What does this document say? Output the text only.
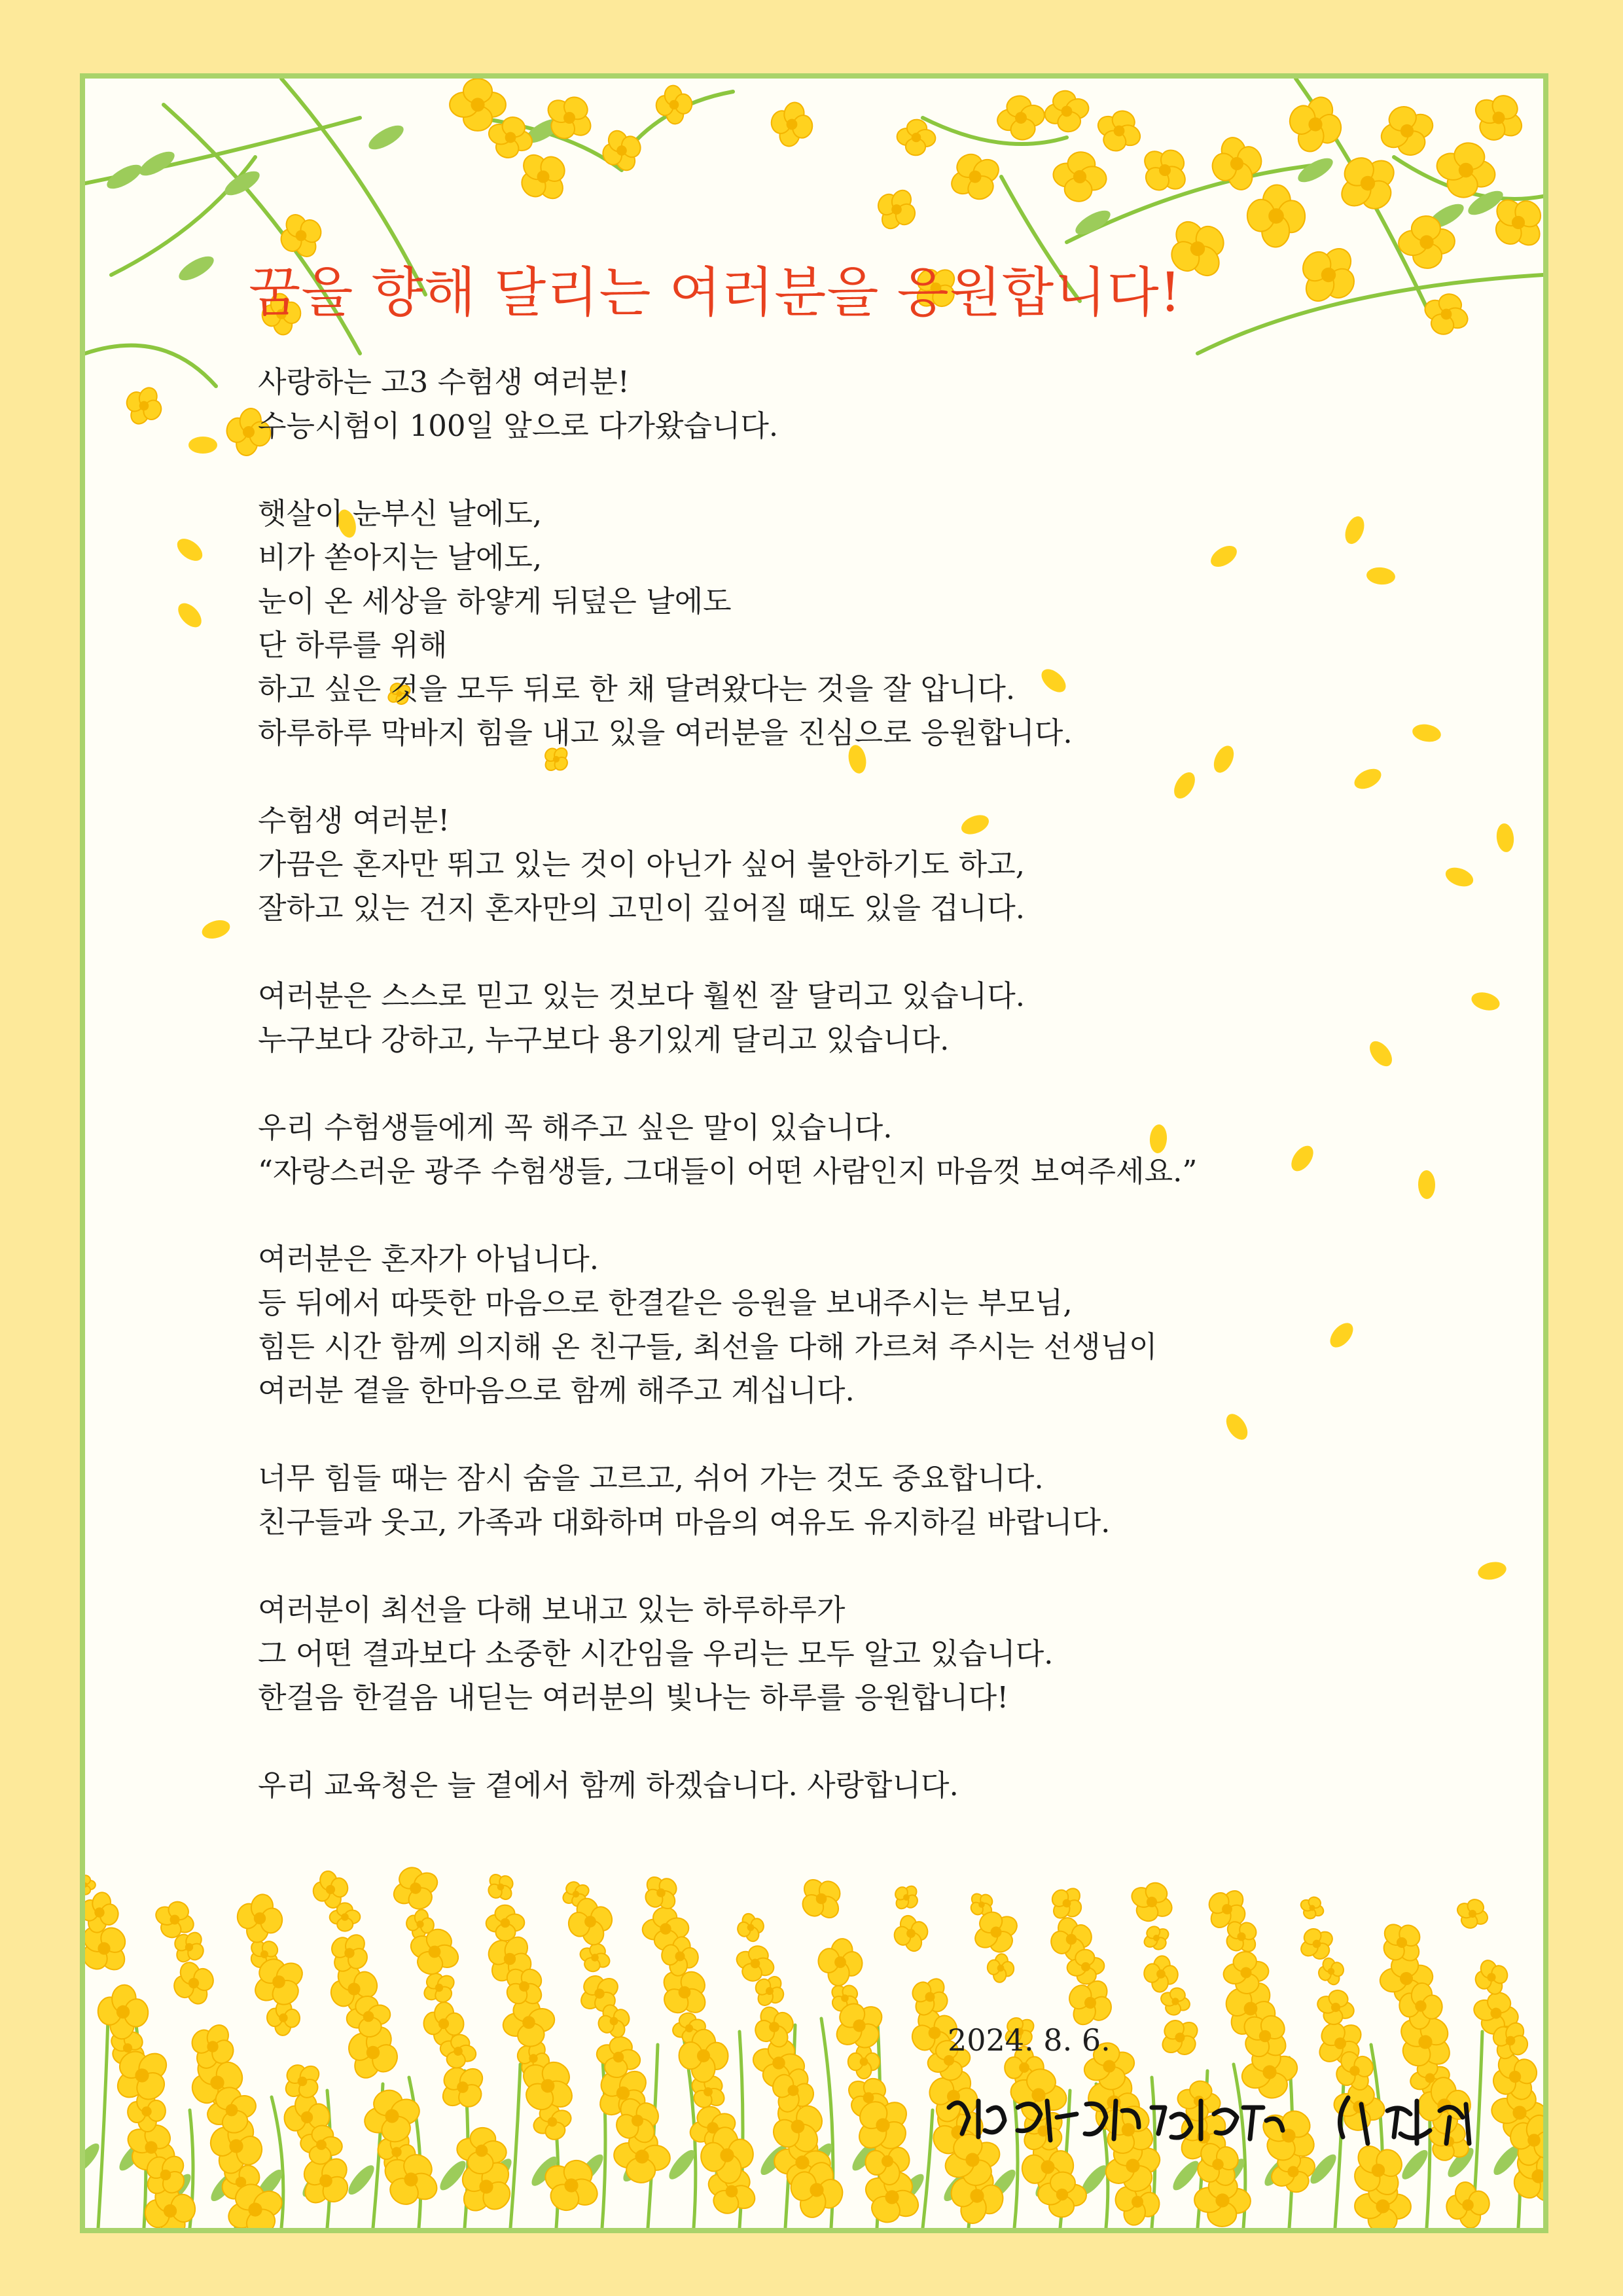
꿈을 향해 달리는 여러분을 응원합니다!

사랑하는 고3 수험생 여러분!
수능시험이 100일 앞으로 다가왔습니다.

햇살이 눈부신 날에도,
비가 쏟아지는 날에도,
눈이 온 세상을 하얗게 뒤덮은 날에도
단 하루를 위해
하고 싶은 것을 모두 뒤로 한 채 달려왔다는 것을 잘 압니다.
하루하루 막바지 힘을 내고 있을 여러분을 진심으로 응원합니다.

수험생 여러분!
가끔은 혼자만 뛰고 있는 것이 아닌가 싶어 불안하기도 하고,
잘하고 있는 건지 혼자만의 고민이 깊어질 때도 있을 겁니다.

여러분은 스스로 믿고 있는 것보다 훨씬 잘 달리고 있습니다.
누구보다 강하고, 누구보다 용기있게 달리고 있습니다.

우리 수험생들에게 꼭 해주고 싶은 말이 있습니다.
“자랑스러운 광주 수험생들, 그대들이 어떤 사람인지 마음껏 보여주세요.”

여러분은 혼자가 아닙니다.
등 뒤에서 따뜻한 마음으로 한결같은 응원을 보내주시는 부모님,
힘든 시간 함께 의지해 온 친구들, 최선을 다해 가르쳐 주시는 선생님이
여러분 곁을 한마음으로 함께 해주고 계십니다.

너무 힘들 때는 잠시 숨을 고르고, 쉬어 가는 것도 중요합니다.
친구들과 웃고, 가족과 대화하며 마음의 여유도 유지하길 바랍니다.

여러분이 최선을 다해 보내고 있는 하루하루가
그 어떤 결과보다 소중한 시간임을 우리는 모두 알고 있습니다.
한걸음 한걸음 내딛는 여러분의 빛나는 하루를 응원합니다!

우리 교육청은 늘 곁에서 함께 하겠습니다. 사랑합니다.

2024. 8. 6.
